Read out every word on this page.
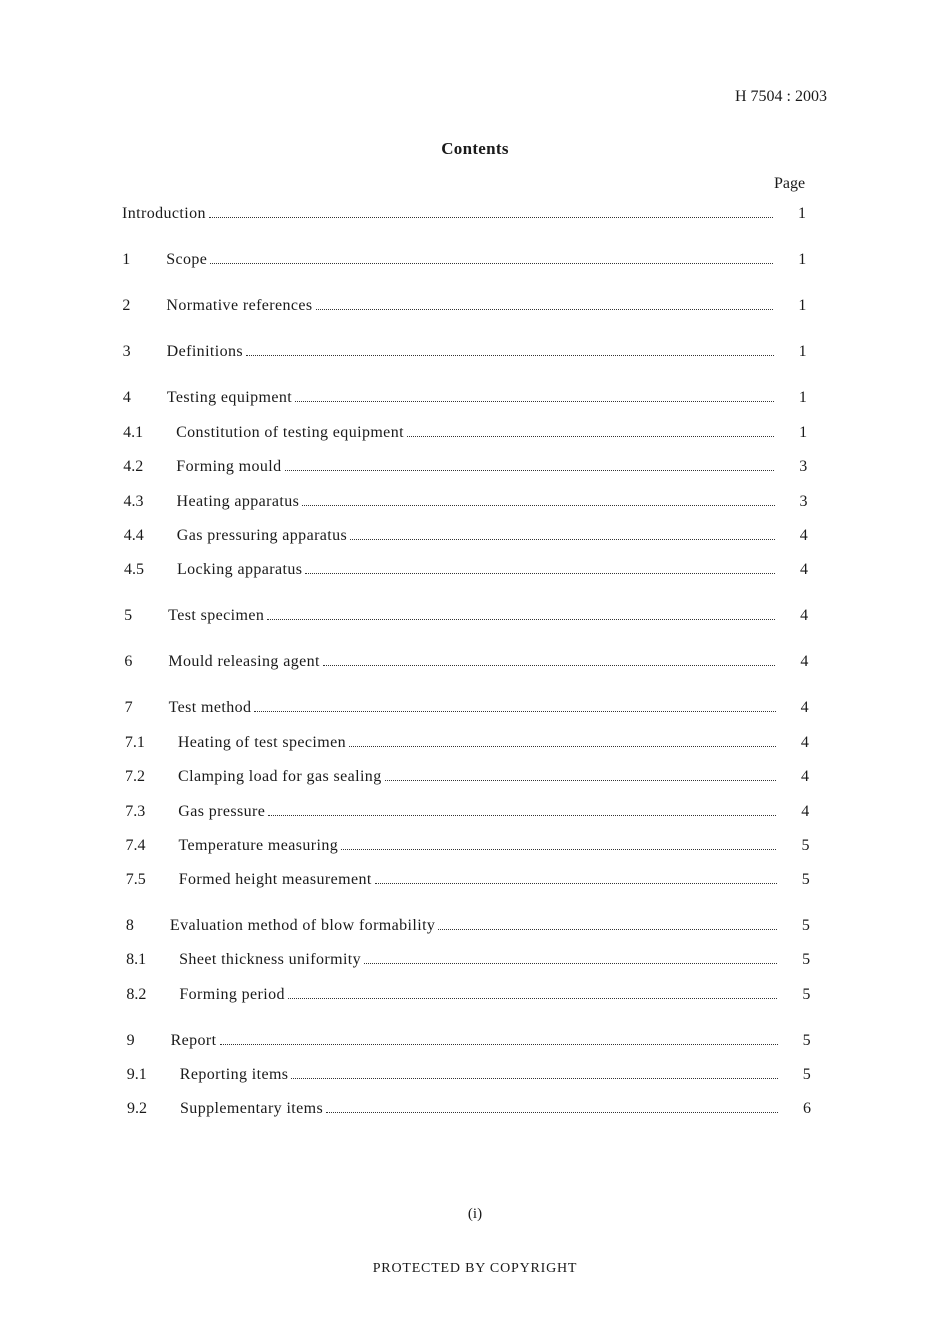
H 7504 : 2003
Contents
Page
Introduction	1
1 Scope	1
2 Normative references	1
3 Definitions	1
4 Testing equipment	1
4.1 Constitution of testing equipment	1
4.2 Forming mould	3
4.3 Heating apparatus	3
4.4 Gas pressuring apparatus	4
4.5 Locking apparatus	4
5 Test specimen	4
6 Mould releasing agent	4
7 Test method	4
7.1 Heating of test specimen	4
7.2 Clamping load for gas sealing	4
7.3 Gas pressure	4
7.4 Temperature measuring	5
7.5 Formed height measurement	5
8 Evaluation method of blow formability	5
8.1 Sheet thickness uniformity	5
8.2 Forming period	5
9 Report	5
9.1 Reporting items	5
9.2 Supplementary items	6
(i)
PROTECTED BY COPYRIGHT
